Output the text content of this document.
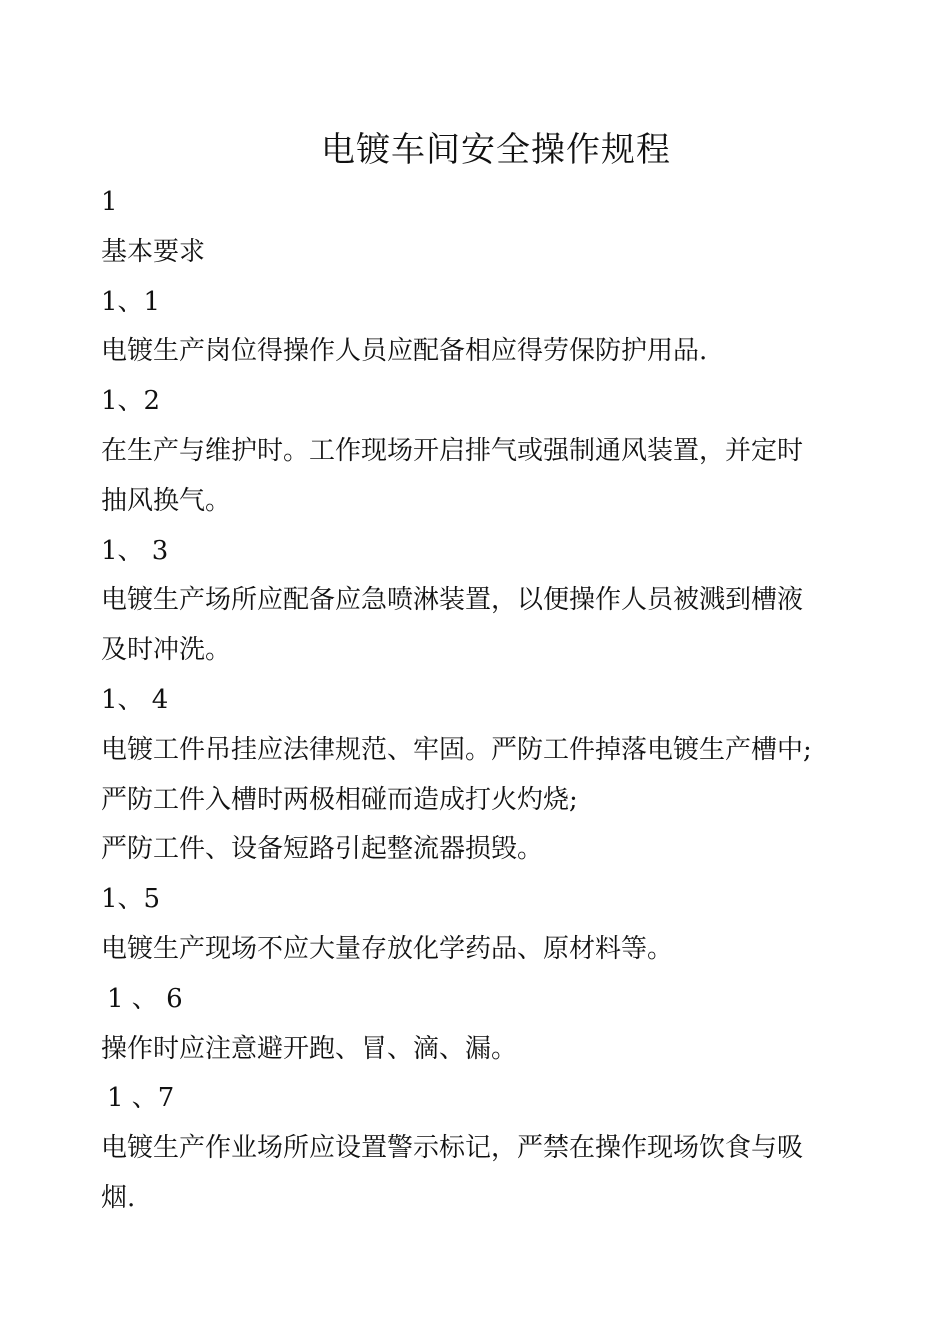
电镀车间安全操作规程
1
基本要求
1、1
电镀生产岗位得操作人员应配备相应得劳保防护用品.
1、2
在生产与维护时。工作现场开启排气或强制通风装置，并定时
抽风换气。
1、 3
电镀生产场所应配备应急喷淋装置，以便操作人员被溅到槽液
及时冲洗。
1、 4
电镀工件吊挂应法律规范、牢固。严防工件掉落电镀生产槽中;
严防工件入槽时两极相碰而造成打火灼烧;
严防工件、设备短路引起整流器损毁。
1、5
电镀生产现场不应大量存放化学药品、原材料等。
1 、 6
操作时应注意避开跑、冒、滴、漏。
1 、7
电镀生产作业场所应设置警示标记，严禁在操作现场饮食与吸
烟.
